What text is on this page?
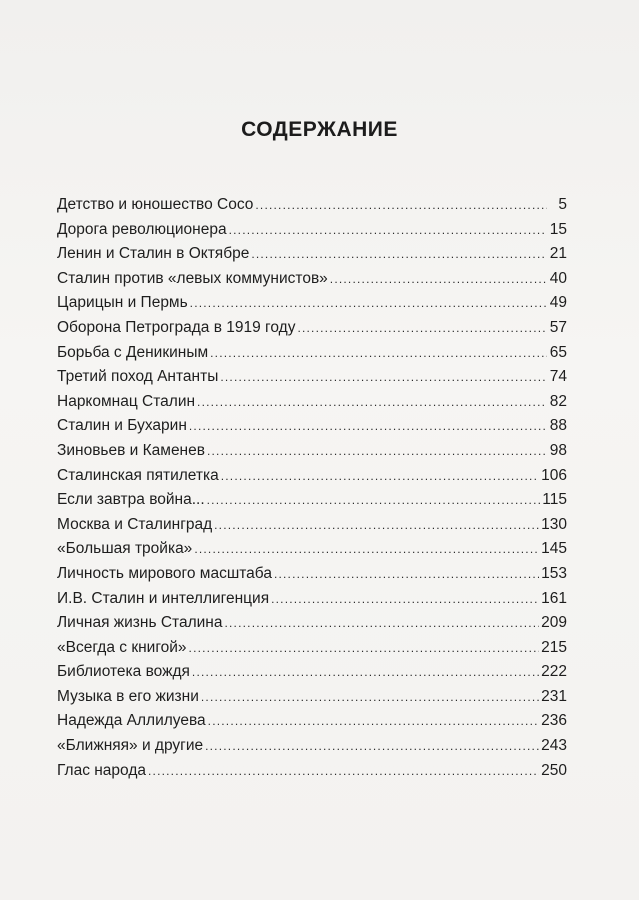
СОДЕРЖАНИЕ
Детство и юношество Сосо .....	5
Дорога революционера .....	15
Ленин и Сталин в Октябре .....	21
Сталин против «левых коммунистов» .....	40
Царицын и Пермь .....	49
Оборона Петрограда в 1919 году .....	57
Борьба с Деникиным .....	65
Третий поход Антанты .....	74
Наркомнац Сталин .....	82
Сталин и Бухарин .....	88
Зиновьев и Каменев .....	98
Сталинская пятилетка .....	106
Если завтра война... .....	115
Москва и Сталинград .....	130
«Большая тройка» .....	145
Личность мирового масштаба .....	153
И.В. Сталин и интеллигенция .....	161
Личная жизнь Сталина .....	209
«Всегда с книгой» .....	215
Библиотека вождя .....	222
Музыка в его жизни .....	231
Надежда Аллилуева .....	236
«Ближняя» и другие .....	243
Глас народа .....	250
